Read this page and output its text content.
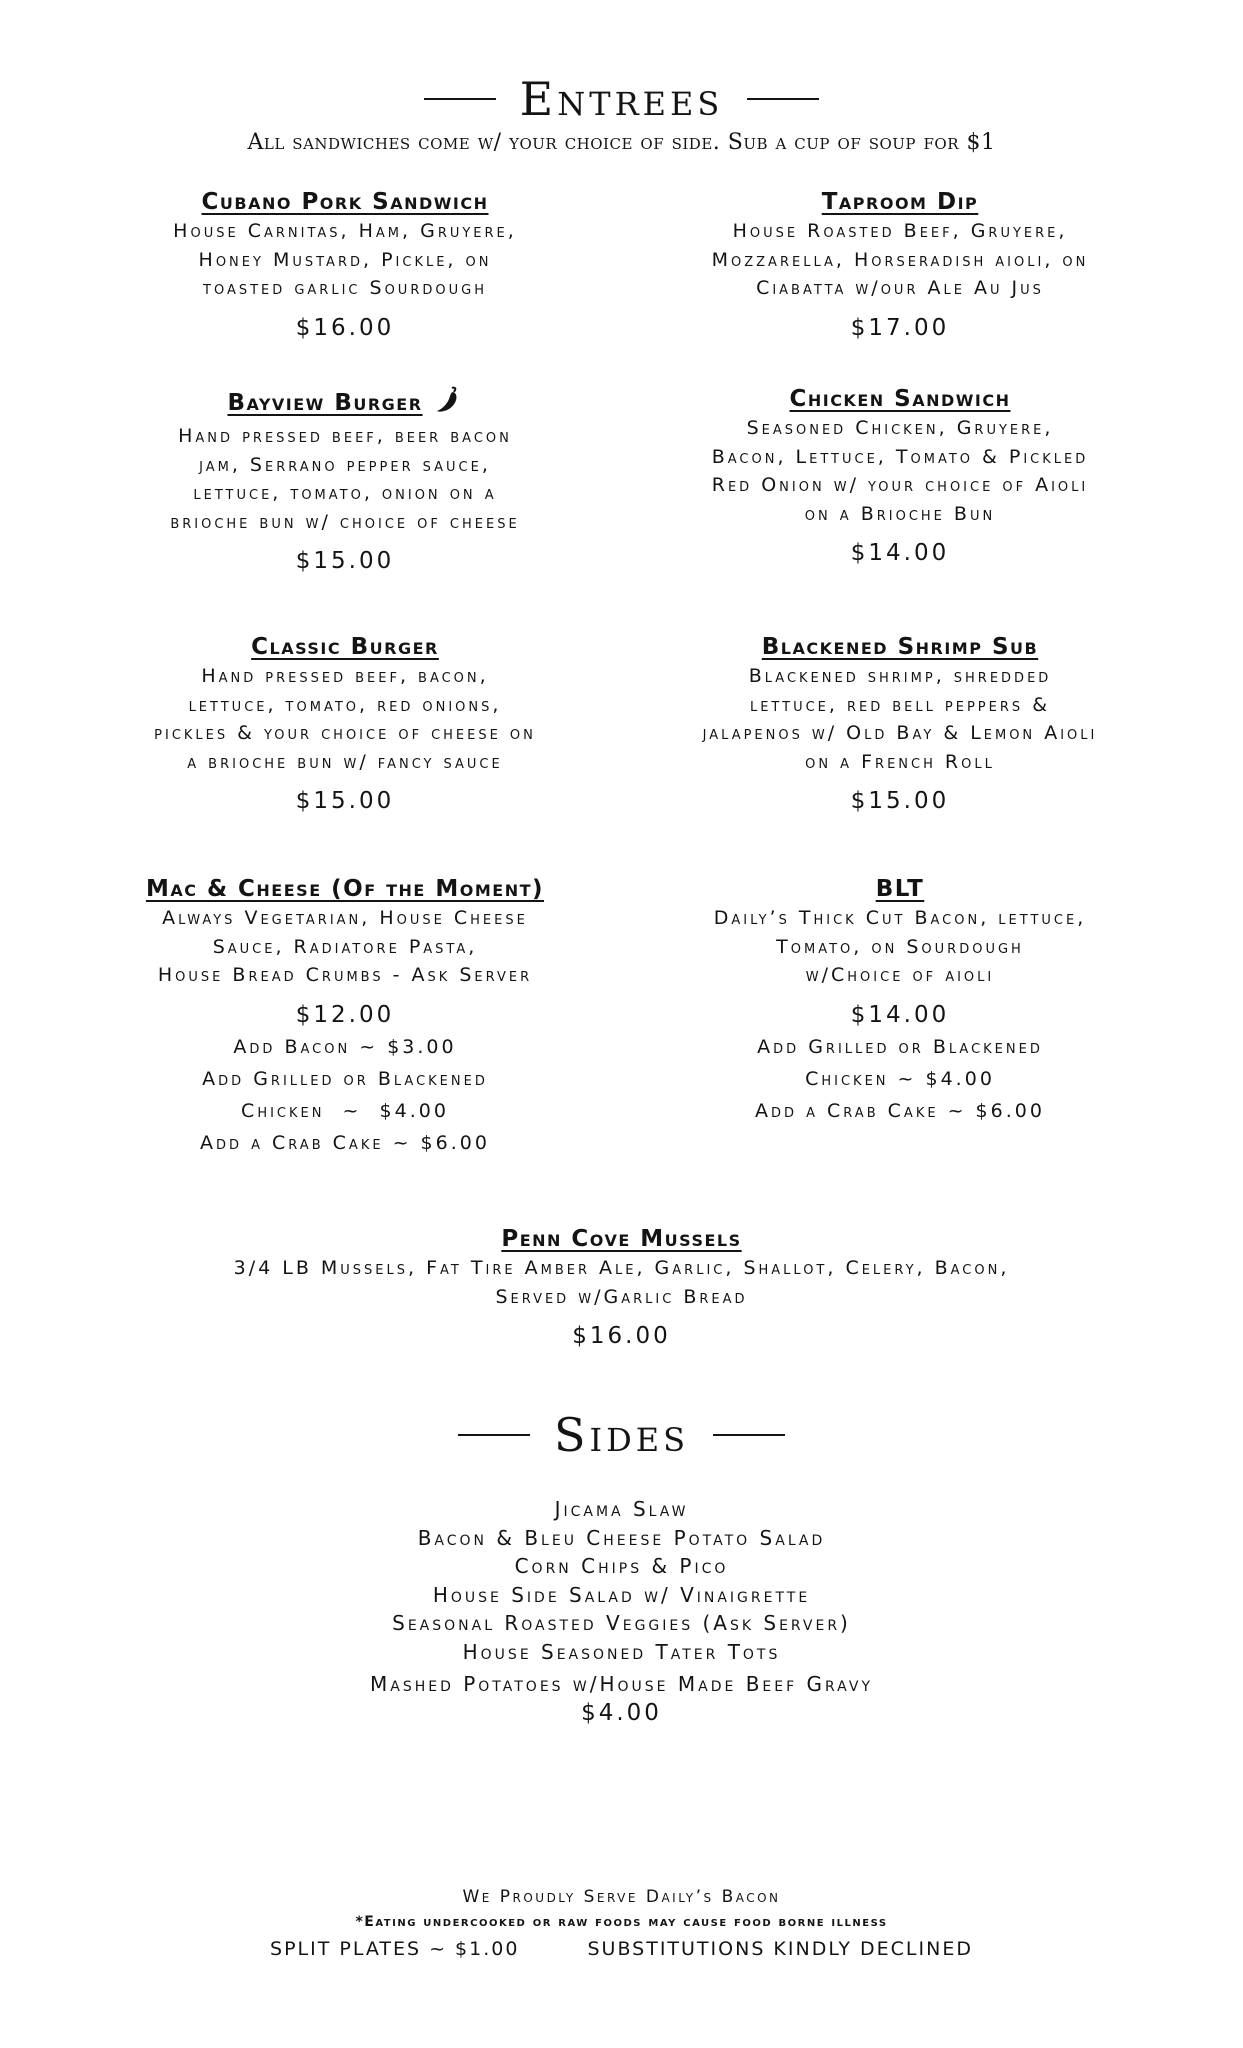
Entrees
All sandwiches come w/ your choice of side. Sub a cup of soup for $1
Cubano Pork Sandwich
House Carnitas, Ham, Gruyere,
Honey Mustard, Pickle, on
toasted garlic Sourdough
$16.00
Taproom Dip
House Roasted Beef, Gruyere,
Mozzarella, Horseradish aioli, on
Ciabatta w/our Ale Au Jus
$17.00
Bayview Burger
Hand pressed beef, beer bacon
jam, Serrano pepper sauce,
lettuce, tomato, onion on a
brioche bun w/ choice of cheese
$15.00
Chicken Sandwich
Seasoned Chicken, Gruyere,
Bacon, Lettuce, Tomato & Pickled
Red Onion w/ your choice of Aioli
on a Brioche Bun
$14.00
Classic Burger
Hand pressed beef, bacon,
lettuce, tomato, red onions,
pickles & your choice of cheese on
a brioche bun w/ fancy sauce
$15.00
Blackened Shrimp Sub
Blackened shrimp, shredded
lettuce, red bell peppers &
jalapenos w/ Old Bay & Lemon Aioli
on a French Roll
$15.00
Mac & Cheese (Of the Moment)
Always Vegetarian, House Cheese
Sauce, Radiatore Pasta,
House Bread Crumbs - Ask Server
$12.00
Add Bacon ~ $3.00
Add Grilled or Blackened
Chicken  ~  $4.00
Add a Crab Cake ~ $6.00
BLT
Daily’s Thick Cut Bacon, lettuce,
Tomato, on Sourdough
w/Choice of aioli
$14.00
Add Grilled or Blackened
Chicken ~ $4.00
Add a Crab Cake ~ $6.00
Penn Cove Mussels
3/4 LB Mussels, Fat Tire Amber Ale, Garlic, Shallot, Celery, Bacon,
Served w/Garlic Bread
$16.00
Sides
Jicama Slaw
Bacon & Bleu Cheese Potato Salad
Corn Chips & Pico
House Side Salad w/ Vinaigrette
Seasonal Roasted Veggies (Ask Server)
House Seasoned Tater Tots
Mashed Potatoes w/House Made Beef Gravy
$4.00
We Proudly Serve Daily’s Bacon
*Eating undercooked or raw foods may cause food borne illness
SPLIT PLATES ~ $1.00	SUBSTITUTIONS KINDLY DECLINED
